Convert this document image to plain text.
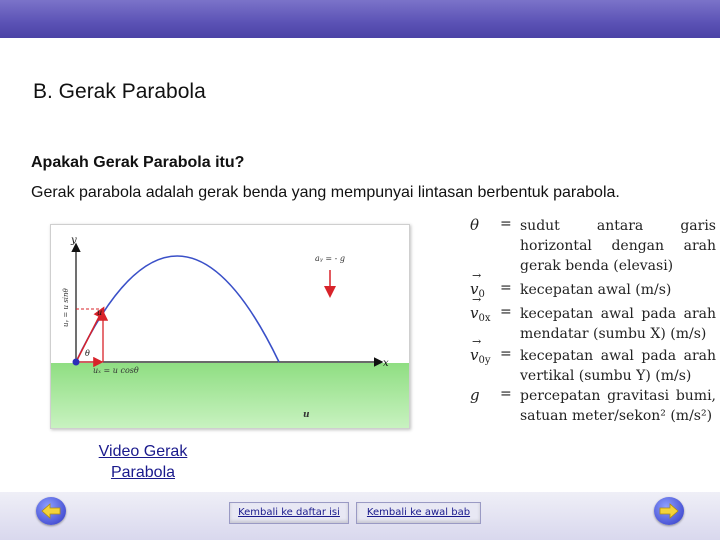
B. Gerak Parabola
Apakah Gerak Parabola itu?

Gerak parabola adalah gerak benda yang mempunyai lintasan berbentuk parabola.

y
x
aᵧ = - g
u
θ
uₓ = u cosθ
uᵧ = u sinθ
u
θ = sudut antara garis horizontal dengan arah gerak benda (elevasi)
→
$v_0$ = kecepatan awal (m/s)
→
$v_{0x}$ = kecepatan awal pada arah mendatar (sumbu X) (m/s)
→
$v_{0y}$ = kecepatan awal pada arah vertikal (sumbu Y) (m/s)
g = percepatan gravitasi bumi, satuan meter/sekon² (m/s²)
Video Gerak Parabola
Kembali ke daftar isi	Kembali ke awal bab
